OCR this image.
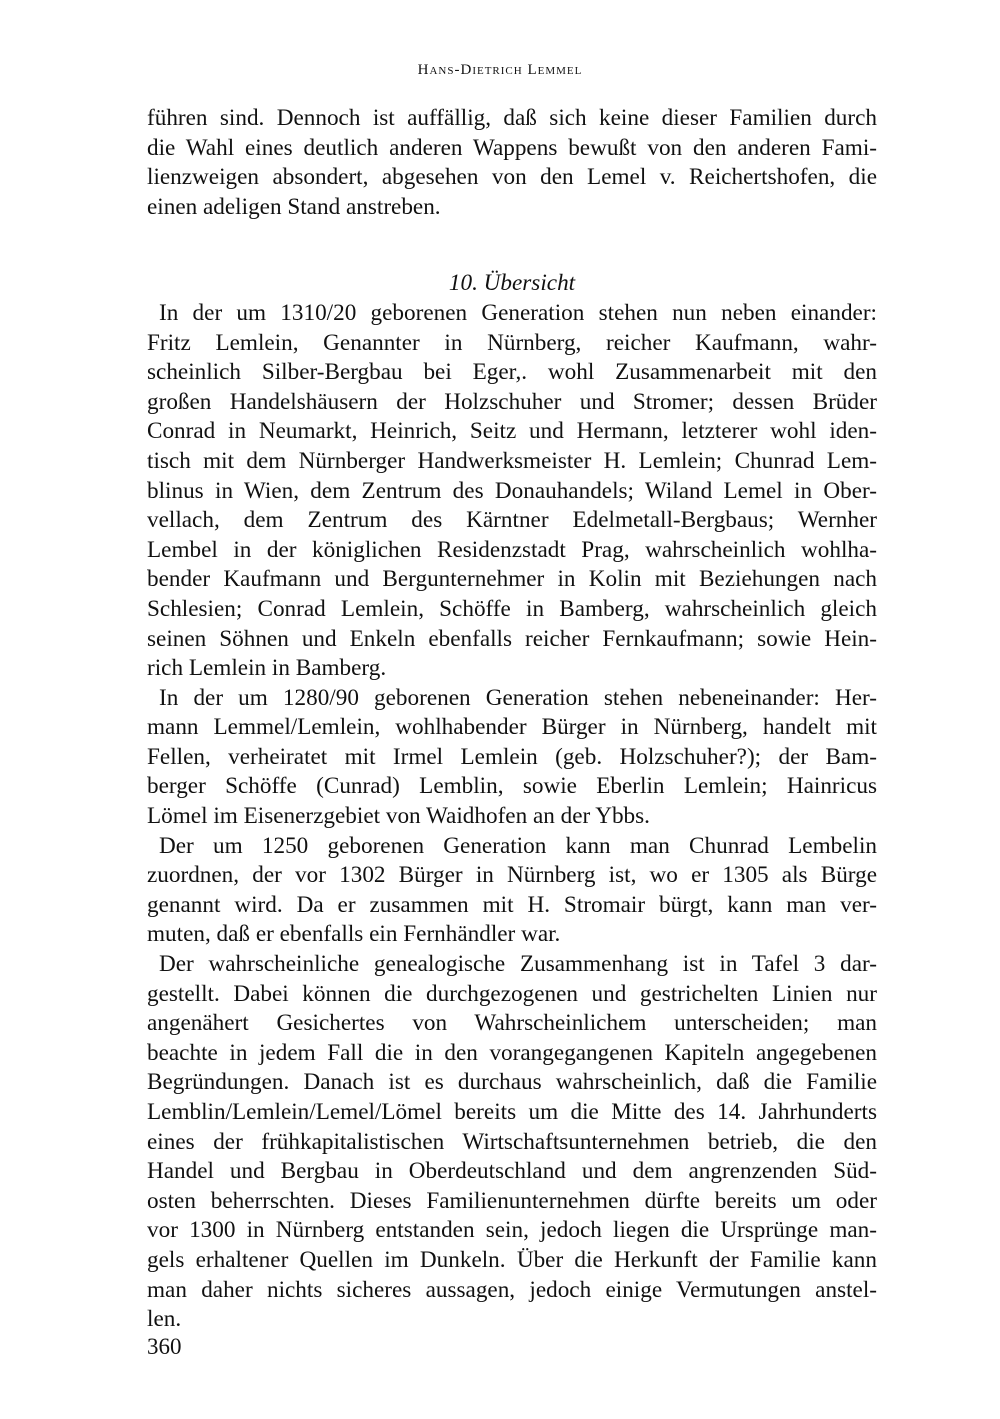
Hans-Dietrich Lemmel
führen sind. Dennoch ist auffällig, daß sich keine dieser Familien durch
die Wahl eines deutlich anderen Wappens bewußt von den anderen Fami-
lienzweigen absondert, abgesehen von den Lemel v. Reichertshofen, die
einen adeligen Stand anstreben.
10. Übersicht
In der um 1310/20 geborenen Generation stehen nun neben einander:
Fritz Lemlein, Genannter in Nürnberg, reicher Kaufmann, wahr-
scheinlich Silber-Bergbau bei Eger,. wohl Zusammenarbeit mit den
großen Handelshäusern der Holzschuher und Stromer; dessen Brüder
Conrad in Neumarkt, Heinrich, Seitz und Hermann, letzterer wohl iden-
tisch mit dem Nürnberger Handwerksmeister H. Lemlein; Chunrad Lem-
blinus in Wien, dem Zentrum des Donauhandels; Wiland Lemel in Ober-
vellach, dem Zentrum des Kärntner Edelmetall-Bergbaus; Wernher
Lembel in der königlichen Residenzstadt Prag, wahrscheinlich wohlha-
bender Kaufmann und Bergunternehmer in Kolin mit Beziehungen nach
Schlesien; Conrad Lemlein, Schöffe in Bamberg, wahrscheinlich gleich
seinen Söhnen und Enkeln ebenfalls reicher Fernkaufmann; sowie Hein-
rich Lemlein in Bamberg.
In der um 1280/90 geborenen Generation stehen nebeneinander: Her-
mann Lemmel/Lemlein, wohlhabender Bürger in Nürnberg, handelt mit
Fellen, verheiratet mit Irmel Lemlein (geb. Holzschuher?); der Bam-
berger Schöffe (Cunrad) Lemblin, sowie Eberlin Lemlein; Hainricus
Lömel im Eisenerzgebiet von Waidhofen an der Ybbs.
Der um 1250 geborenen Generation kann man Chunrad Lembelin
zuordnen, der vor 1302 Bürger in Nürnberg ist, wo er 1305 als Bürge
genannt wird. Da er zusammen mit H. Stromair bürgt, kann man ver-
muten, daß er ebenfalls ein Fernhändler war.
Der wahrscheinliche genealogische Zusammenhang ist in Tafel 3 dar-
gestellt. Dabei können die durchgezogenen und gestrichelten Linien nur
angenähert Gesichertes von Wahrscheinlichem unterscheiden; man
beachte in jedem Fall die in den vorangegangenen Kapiteln angegebenen
Begründungen. Danach ist es durchaus wahrscheinlich, daß die Familie
Lemblin/Lemlein/Lemel/Lömel bereits um die Mitte des 14. Jahrhunderts
eines der frühkapitalistischen Wirtschaftsunternehmen betrieb, die den
Handel und Bergbau in Oberdeutschland und dem angrenzenden Süd-
osten beherrschten. Dieses Familienunternehmen dürfte bereits um oder
vor 1300 in Nürnberg entstanden sein, jedoch liegen die Ursprünge man-
gels erhaltener Quellen im Dunkeln. Über die Herkunft der Familie kann
man daher nichts sicheres aussagen, jedoch einige Vermutungen anstel-
len.
360
